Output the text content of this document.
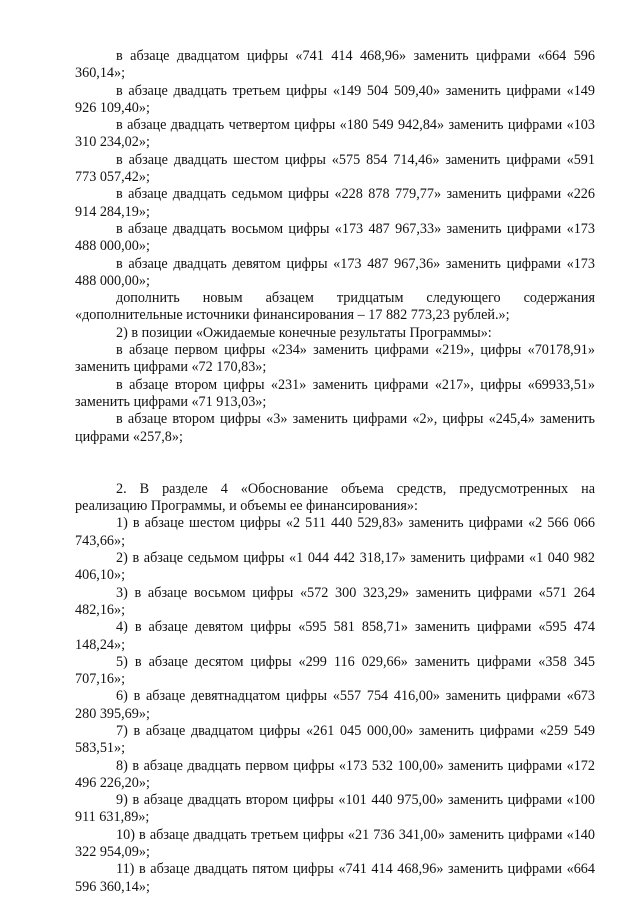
в абзаце двадцатом цифры «741 414 468,96» заменить цифрами «664 596 360,14»;

в абзаце двадцать третьем цифры «149 504 509,40» заменить цифрами «149 926 109,40»;

в абзаце двадцать четвертом цифры «180 549 942,84» заменить цифрами «103 310 234,02»;

в абзаце двадцать шестом цифры «575 854 714,46» заменить цифрами «591 773 057,42»;

в абзаце двадцать седьмом цифры «228 878 779,77» заменить цифрами «226 914 284,19»;

в абзаце двадцать восьмом цифры «173 487 967,33» заменить цифрами «173 488 000,00»;

в абзаце двадцать девятом цифры «173 487 967,36» заменить цифрами «173 488 000,00»;

дополнить новым абзацем тридцатым следующего содержания «дополнительные источники финансирования – 17 882 773,23 рублей.»;

2) в позиции «Ожидаемые конечные результаты Программы»:

в абзаце первом цифры «234» заменить цифрами «219», цифры «70178,91» заменить цифрами «72 170,83»;

в абзаце втором цифры «231» заменить цифрами «217», цифры «69933,51» заменить цифрами «71 913,03»;

в абзаце втором цифры «3» заменить цифрами «2», цифры «245,4» заменить цифрами «257,8»;

2. В разделе 4 «Обоснование объема средств, предусмотренных на реализацию Программы, и объемы ее финансирования»:

1) в абзаце шестом цифры «2 511 440 529,83» заменить цифрами «2 566 066 743,66»;

2) в абзаце седьмом цифры «1 044 442 318,17» заменить цифрами «1 040 982 406,10»;

3) в абзаце восьмом цифры «572 300 323,29» заменить цифрами «571 264 482,16»;

4) в абзаце девятом цифры «595 581 858,71» заменить цифрами «595 474 148,24»;

5) в абзаце десятом цифры «299 116 029,66» заменить цифрами «358 345 707,16»;

6) в абзаце девятнадцатом цифры «557 754 416,00» заменить цифрами «673 280 395,69»;

7) в абзаце двадцатом цифры «261 045 000,00» заменить цифрами «259 549 583,51»;

8) в абзаце двадцать первом цифры «173 532 100,00» заменить цифрами «172 496 226,20»;

9) в абзаце двадцать втором цифры «101 440 975,00» заменить цифрами «100 911 631,89»;

10) в абзаце двадцать третьем цифры «21 736 341,00» заменить цифрами «140 322 954,09»;

11) в абзаце двадцать пятом цифры «741 414 468,96» заменить цифрами «664 596 360,14»;
